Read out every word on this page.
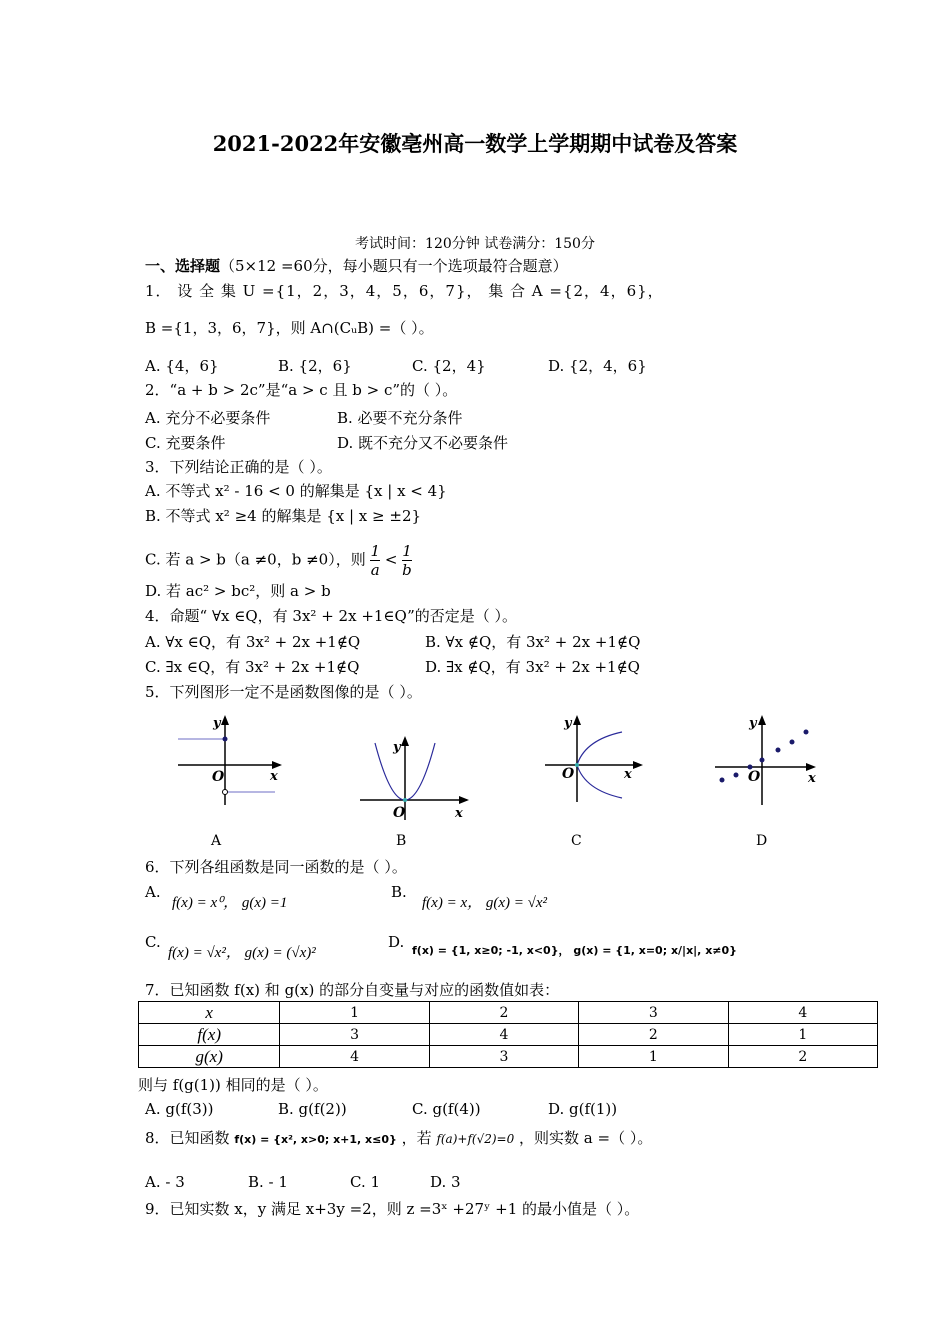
2021-2022年安徽亳州高一数学上学期期中试卷及答案
考试时间：120分钟 试卷满分：150分
一、选择题（5×12 =60分，每小题只有一个选项最符合题意）
1． 设 全 集 U ={1，2，3，4，5，6，7}， 集 合 A ={2，4，6}，
B ={1，3，6，7}，则 A∩(CᵤB) =（ ）。
A. {4，6}	B. {2，6}	C. {2，4}	D. {2，4，6}
2．“a + b > 2c”是“a > c 且 b > c”的（ ）。
A. 充分不必要条件	B. 必要不充分条件
C. 充要条件	D. 既不充分又不必要条件
3．下列结论正确的是（ ）。
A. 不等式 x² - 16 < 0 的解集是 {x | x < 4}
B. 不等式 x² ≥4 的解集是 {x | x ≥ ±2}
C. 若 a > b（a ≠0，b ≠0），则 $\frac{1}{a} < \frac{1}{b}$
D. 若 ac² > bc²，则 a > b
4．命题“ ∀x ∈Q，有 3x² + 2x +1∈Q”的否定是（ ）。
A. ∀x ∈Q，有 3x² + 2x +1∉Q	B. ∀x ∉Q，有 3x² + 2x +1∉Q
C. ∃x ∈Q，有 3x² + 2x +1∉Q	D. ∃x ∉Q，有 3x² + 2x +1∉Q
5．下列图形一定不是函数图像的是（ ）。
y
O	x
y
O	x
y
O	x
y
O	x
A	B	C	D
6．下列各组函数是同一函数的是（ ）。
A.
f(x) = x⁰， g(x) =1
B.
f(x) = x， g(x) = √x²
C.
f(x) = √x²， g(x) = (√x)²
D. f(x) = {1, x≥0; -1, x<0}， g(x) = {1, x=0; x/|x|, x≠0}
7．已知函数 f(x) 和 g(x) 的部分自变量与对应的函数值如表：
x	1	2	3	4
f(x)	3	4	2	1
g(x)	4	3	1	2
则与 f(g(1)) 相同的是（ ）。
A. g(f(3))	B. g(f(2))	C. g(f(4))	D. g(f(1))
8．已知函数 f(x) = {x², x>0; x+1, x≤0} ，若 f(a)+f(√2)=0 ，则实数 a =（ ）。
A. - 3	B. - 1	C. 1	D. 3
9．已知实数 x，y 满足 x+3y =2，则 z =3ˣ +27ʸ +1 的最小值是（ ）。
